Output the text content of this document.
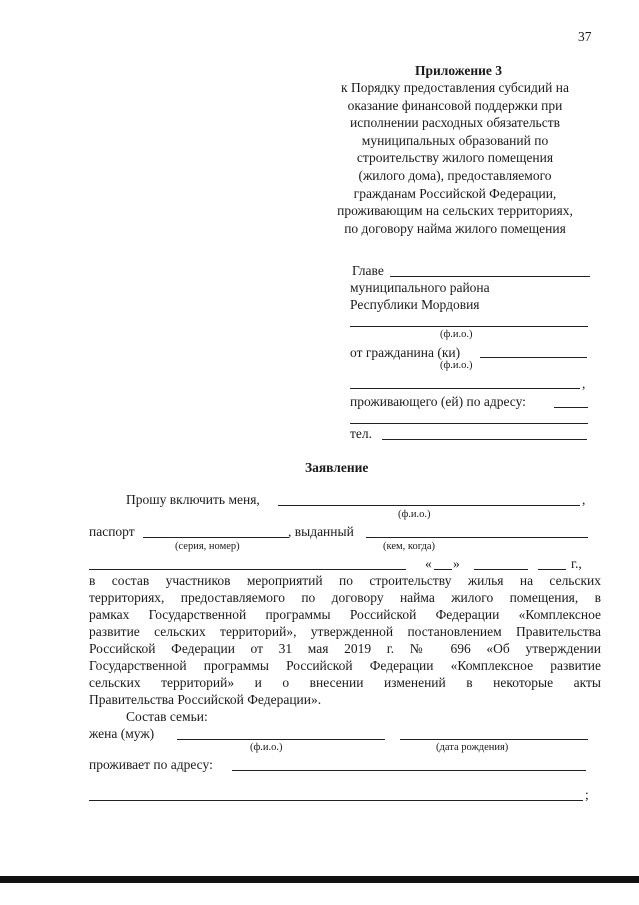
37
Приложение 3
к Порядку предоставления субсидий на
оказание финансовой поддержки при
исполнении расходных обязательств
муниципальных образований по
строительству жилого помещения
(жилого дома), предоставляемого
гражданам Российской Федерации,
проживающим на сельских территориях,
по договору найма жилого помещения
Главе
муниципального района
Республики Мордовия
(ф.и.о.)
от гражданина (ки)
(ф.и.о.)
,
проживающего (ей) по адресу:
тел.
Заявление
Прошу включить меня,	,
(ф.и.о.)
паспорт	, выданный
(серия, номер)	(кем, когда)
« »	г.,
в состав участников мероприятий по строительству жилья на сельских
территориях, предоставляемого по договору найма жилого помещения, в
рамках Государственной программы Российской Федерации «Комплексное
развитие сельских территорий», утвержденной постановлением Правительства
Российской Федерации от 31 мая 2019 г. № 696 «Об утверждении
Государственной программы Российской Федерации «Комплексное развитие
сельских территорий» и о внесении изменений в некоторые акты
Правительства Российской Федерации».
Состав семьи:
жена (муж)
(ф.и.о.)	(дата рождения)
проживает по адресу:
;
